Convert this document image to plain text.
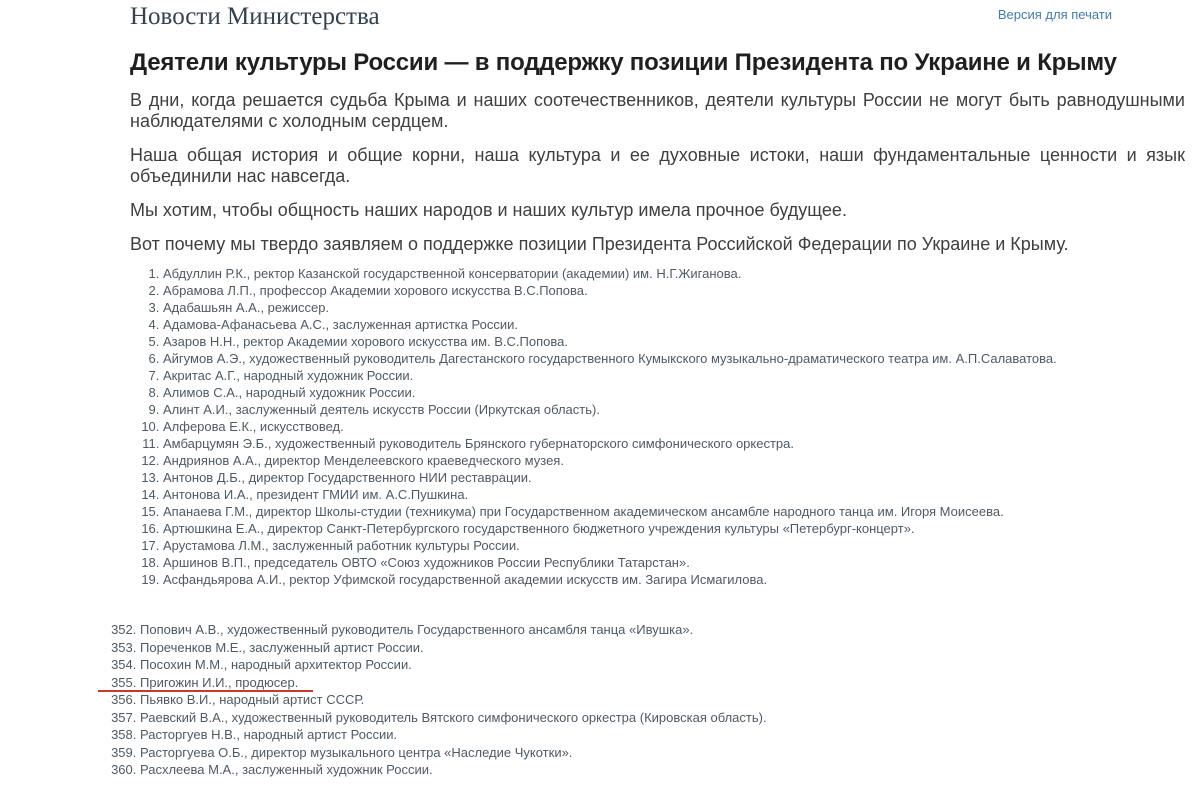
Новости Министерства	Версия для печати
Деятели культуры России — в поддержку позиции Президента по Украине и Крыму

В дни, когда решается судьба Крыма и наших соотечественников, деятели культуры России не могут быть равнодушными наблюдателями с холодным сердцем.

Наша общая история и общие корни, наша культура и ее духовные истоки, наши фундаментальные ценности и язык объединили нас навсегда.

Мы хотим, чтобы общность наших народов и наших культур имела прочное будущее.

Вот почему мы твердо заявляем о поддержке позиции Президента Российской Федерации по Украине и Крыму.

1. Абдуллин Р.К., ректор Казанской государственной консерватории (академии) им. Н.Г.Жиганова.
2. Абрамова Л.П., профессор Академии хорового искусства В.С.Попова.
3. Адабашьян А.А., режиссер.
4. Адамова-Афанасьева А.С., заслуженная артистка России.
5. Азаров Н.Н., ректор Академии хорового искусства им. В.С.Попова.
6. Айгумов А.Э., художественный руководитель Дагестанского государственного Кумыкского музыкально-драматического театра им. А.П.Салаватова.
7. Акритас А.Г., народный художник России.
8. Алимов С.А., народный художник России.
9. Алинт А.И., заслуженный деятель искусств России (Иркутская область).
10. Алферова Е.К., искусствовед.
11. Амбарцумян Э.Б., художественный руководитель Брянского губернаторского симфонического оркестра.
12. Андриянов А.А., директор Менделеевского краеведческого музея.
13. Антонов Д.Б., директор Государственного НИИ реставрации.
14. Антонова И.А., президент ГМИИ им. А.С.Пушкина.
15. Апанаева Г.М., директор Школы-студии (техникума) при Государственном академическом ансамбле народного танца им. Игоря Моисеева.
16. Артюшкина Е.А., директор Санкт-Петербургского государственного бюджетного учреждения культуры «Петербург-концерт».
17. Арустамова Л.М., заслуженный работник культуры России.
18. Аршинов В.П., председатель ОВТО «Союз художников России Республики Татарстан».
19. Асфандьярова А.И., ректор Уфимской государственной академии искусств им. Загира Исмагилова.
352. Попович А.В., художественный руководитель Государственного ансамбля танца «Ивушка».
353. Пореченков М.Е., заслуженный артист России.
354. Посохин М.М., народный архитектор России.
355. Пригожин И.И., продюсер.
356. Пьявко В.И., народный артист СССР.
357. Раевский В.А., художественный руководитель Вятского симфонического оркестра (Кировская область).
358. Расторгуев Н.В., народный артист России.
359. Расторгуева О.Б., директор музыкального центра «Наследие Чукотки».
360. Расхлеева М.А., заслуженный художник России.
